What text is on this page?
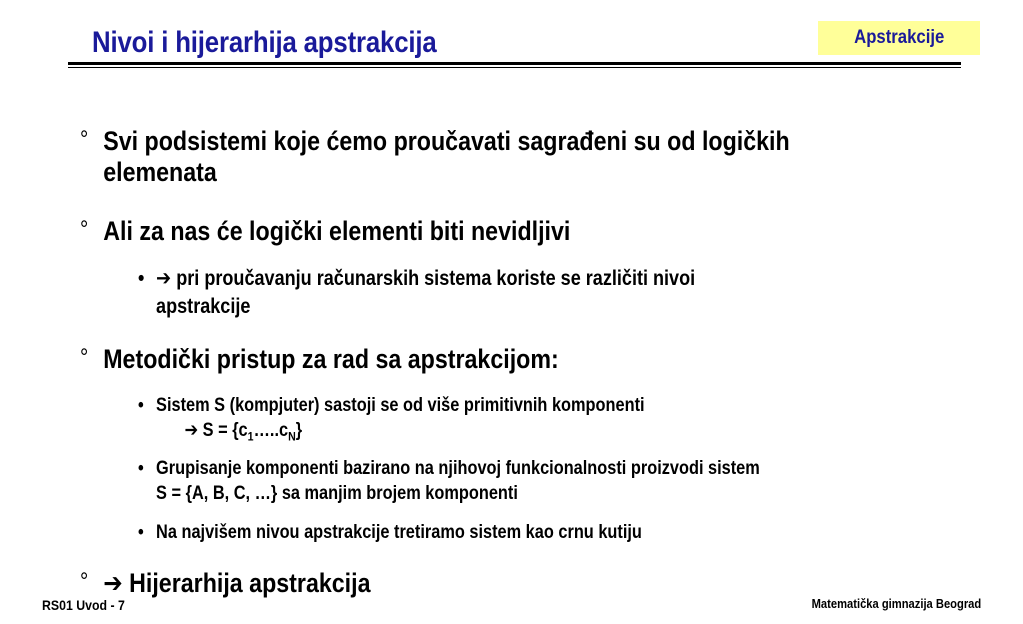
Nivoi i hijerarhija apstrakcija	Apstrakcije
° Svi podsistemi koje ćemo proučavati sagrađeni su od logičkih
elemenata
° Ali za nas će logički elementi biti nevidljivi
• ➔ pri proučavanju računarskih sistema koriste se različiti nivoi
apstrakcije
° Metodički pristup za rad sa apstrakcijom:
• Sistem S (kompjuter) sastoji se od više primitivnih komponenti
➔ $S = \{c_1\dots..c_N\}$
• Grupisanje komponenti bazirano na njihovoj funkcionalnosti proizvodi sistem
S = {A, B, C, …} sa manjim brojem komponenti
• Na najvišem nivou apstrakcije tretiramo sistem kao crnu kutiju
° ➔ Hijerarhija apstrakcija
RS01 Uvod - 7	Matematička gimnazija Beograd
